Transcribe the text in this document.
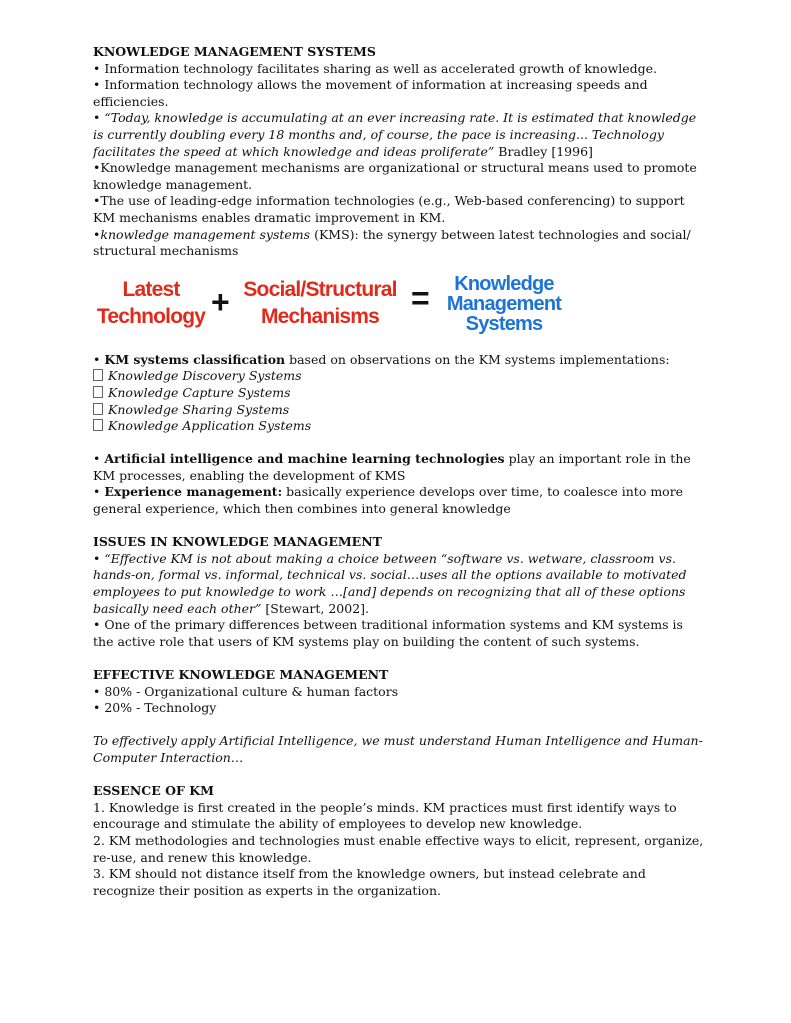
KNOWLEDGE MANAGEMENT SYSTEMS

• Information technology facilitates sharing as well as accelerated growth of knowledge.

• Information technology allows the movement of information at increasing speeds and efficiencies.

• “Today, knowledge is accumulating at an ever increasing rate. It is estimated that knowledge is currently doubling every 18 months and, of course, the pace is increasing... Technology facilitates the speed at which knowledge and ideas proliferate” Bradley [1996]

•Knowledge management mechanisms are organizational or structural means used to promote knowledge management.

•The use of leading-edge information technologies (e.g., Web-based conferencing) to support KM mechanisms enables dramatic improvement in KM.

•knowledge management systems (KMS): the synergy between latest technologies and social/ structural mechanisms

Latest
Technology + Social/Structural
Mechanisms
=	Knowledge
Management
Systems

• KM systems classification based on observations on the KM systems implementations:

Knowledge Discovery Systems

Knowledge Capture Systems

Knowledge Sharing Systems

Knowledge Application Systems

• Artificial intelligence and machine learning technologies play an important role in the KM processes, enabling the development of KMS

• Experience management: basically experience develops over time, to coalesce into more general experience, which then combines into general knowledge

ISSUES IN KNOWLEDGE MANAGEMENT

• “Effective KM is not about making a choice between “software vs. wetware, classroom vs. hands-on, formal vs. informal, technical vs. social…uses all the options available to motivated employees to put knowledge to work …[and] depends on recognizing that all of these options basically need each other” [Stewart, 2002].

• One of the primary differences between traditional information systems and KM systems is the active role that users of KM systems play on building the content of such systems.

EFFECTIVE KNOWLEDGE MANAGEMENT

• 80% - Organizational culture & human factors

• 20% - Technology

To effectively apply Artificial Intelligence, we must understand Human Intelligence and Human-Computer Interaction…

ESSENCE OF KM

1. Knowledge is first created in the people’s minds. KM practices must first identify ways to encourage and stimulate the ability of employees to develop new knowledge.

2. KM methodologies and technologies must enable effective ways to elicit, represent, organize, re-use, and renew this knowledge.

3. KM should not distance itself from the knowledge owners, but instead celebrate and recognize their position as experts in the organization.
